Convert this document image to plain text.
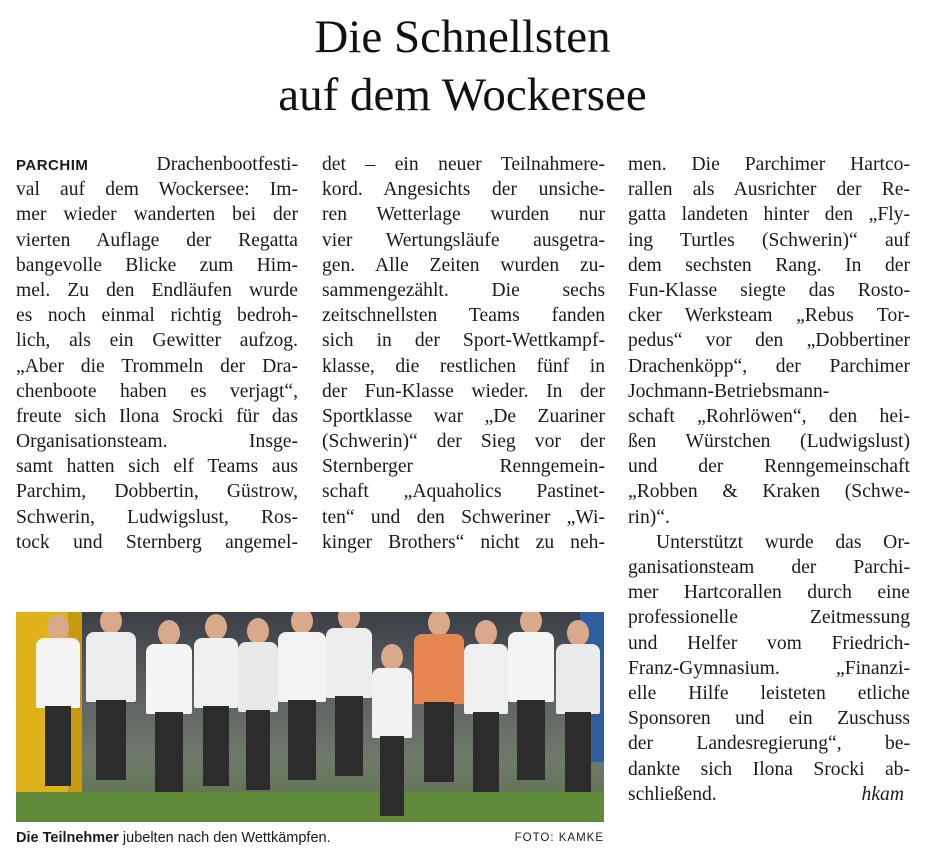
Die Schnellsten
auf dem Wockersee
PARCHIM	Drachenbootfesti-
val auf dem Wockersee: Im-
mer wieder wanderten bei der
vierten Auflage der Regatta
bangevolle Blicke zum Him-
mel. Zu den Endläufen wurde
es noch einmal richtig bedroh-
lich, als ein Gewitter aufzog.
„Aber die Trommeln der Dra-
chenboote haben es verjagt“,
freute sich Ilona Srocki für das
Organisationsteam. Insge-
samt hatten sich elf Teams aus
Parchim, Dobbertin, Güstrow,
Schwerin, Ludwigslust, Ros-
tock und Sternberg angemel-
det – ein neuer Teilnahmere-
kord. Angesichts der unsiche-
ren Wetterlage wurden nur
vier Wertungsläufe ausgetra-
gen. Alle Zeiten wurden zu-
sammengezählt. Die sechs
zeitschnellsten Teams fanden
sich in der Sport-Wettkampf-
klasse, die restlichen fünf in
der Fun-Klasse wieder. In der
Sportklasse war „De Zuariner
(Schwerin)“ der Sieg vor der
Sternberger Renngemein-
schaft „Aquaholics Pastinet-
ten“ und den Schweriner „Wi-
kinger Brothers“ nicht zu neh-
men. Die Parchimer Hartco-
rallen als Ausrichter der Re-
gatta landeten hinter den „Fly-
ing Turtles (Schwerin)“ auf
dem sechsten Rang. In der
Fun-Klasse siegte das Rosto-
cker Werksteam „Rebus Tor-
pedus“ vor den „Dobbertiner
Drachenköpp“, der Parchimer
Jochmann-Betriebsmann-
schaft „Rohrlöwen“, den hei-
ßen Würstchen (Ludwigslust)
und der Renngemeinschaft
„Robben & Kraken (Schwe-
rin)“.
Unterstützt wurde das Or-
ganisationsteam der Parchi-
mer Hartcorallen durch eine
professionelle Zeitmessung
und Helfer vom Friedrich-
Franz-Gymnasium. „Finanzi-
elle Hilfe leisteten etliche
Sponsoren und ein Zuschuss
der Landesregierung“, be-
dankte sich Ilona Srocki ab-
schließend.	hkam
Die Teilnehmer jubelten nach den Wettkämpfen.	FOTO: KAMKE
